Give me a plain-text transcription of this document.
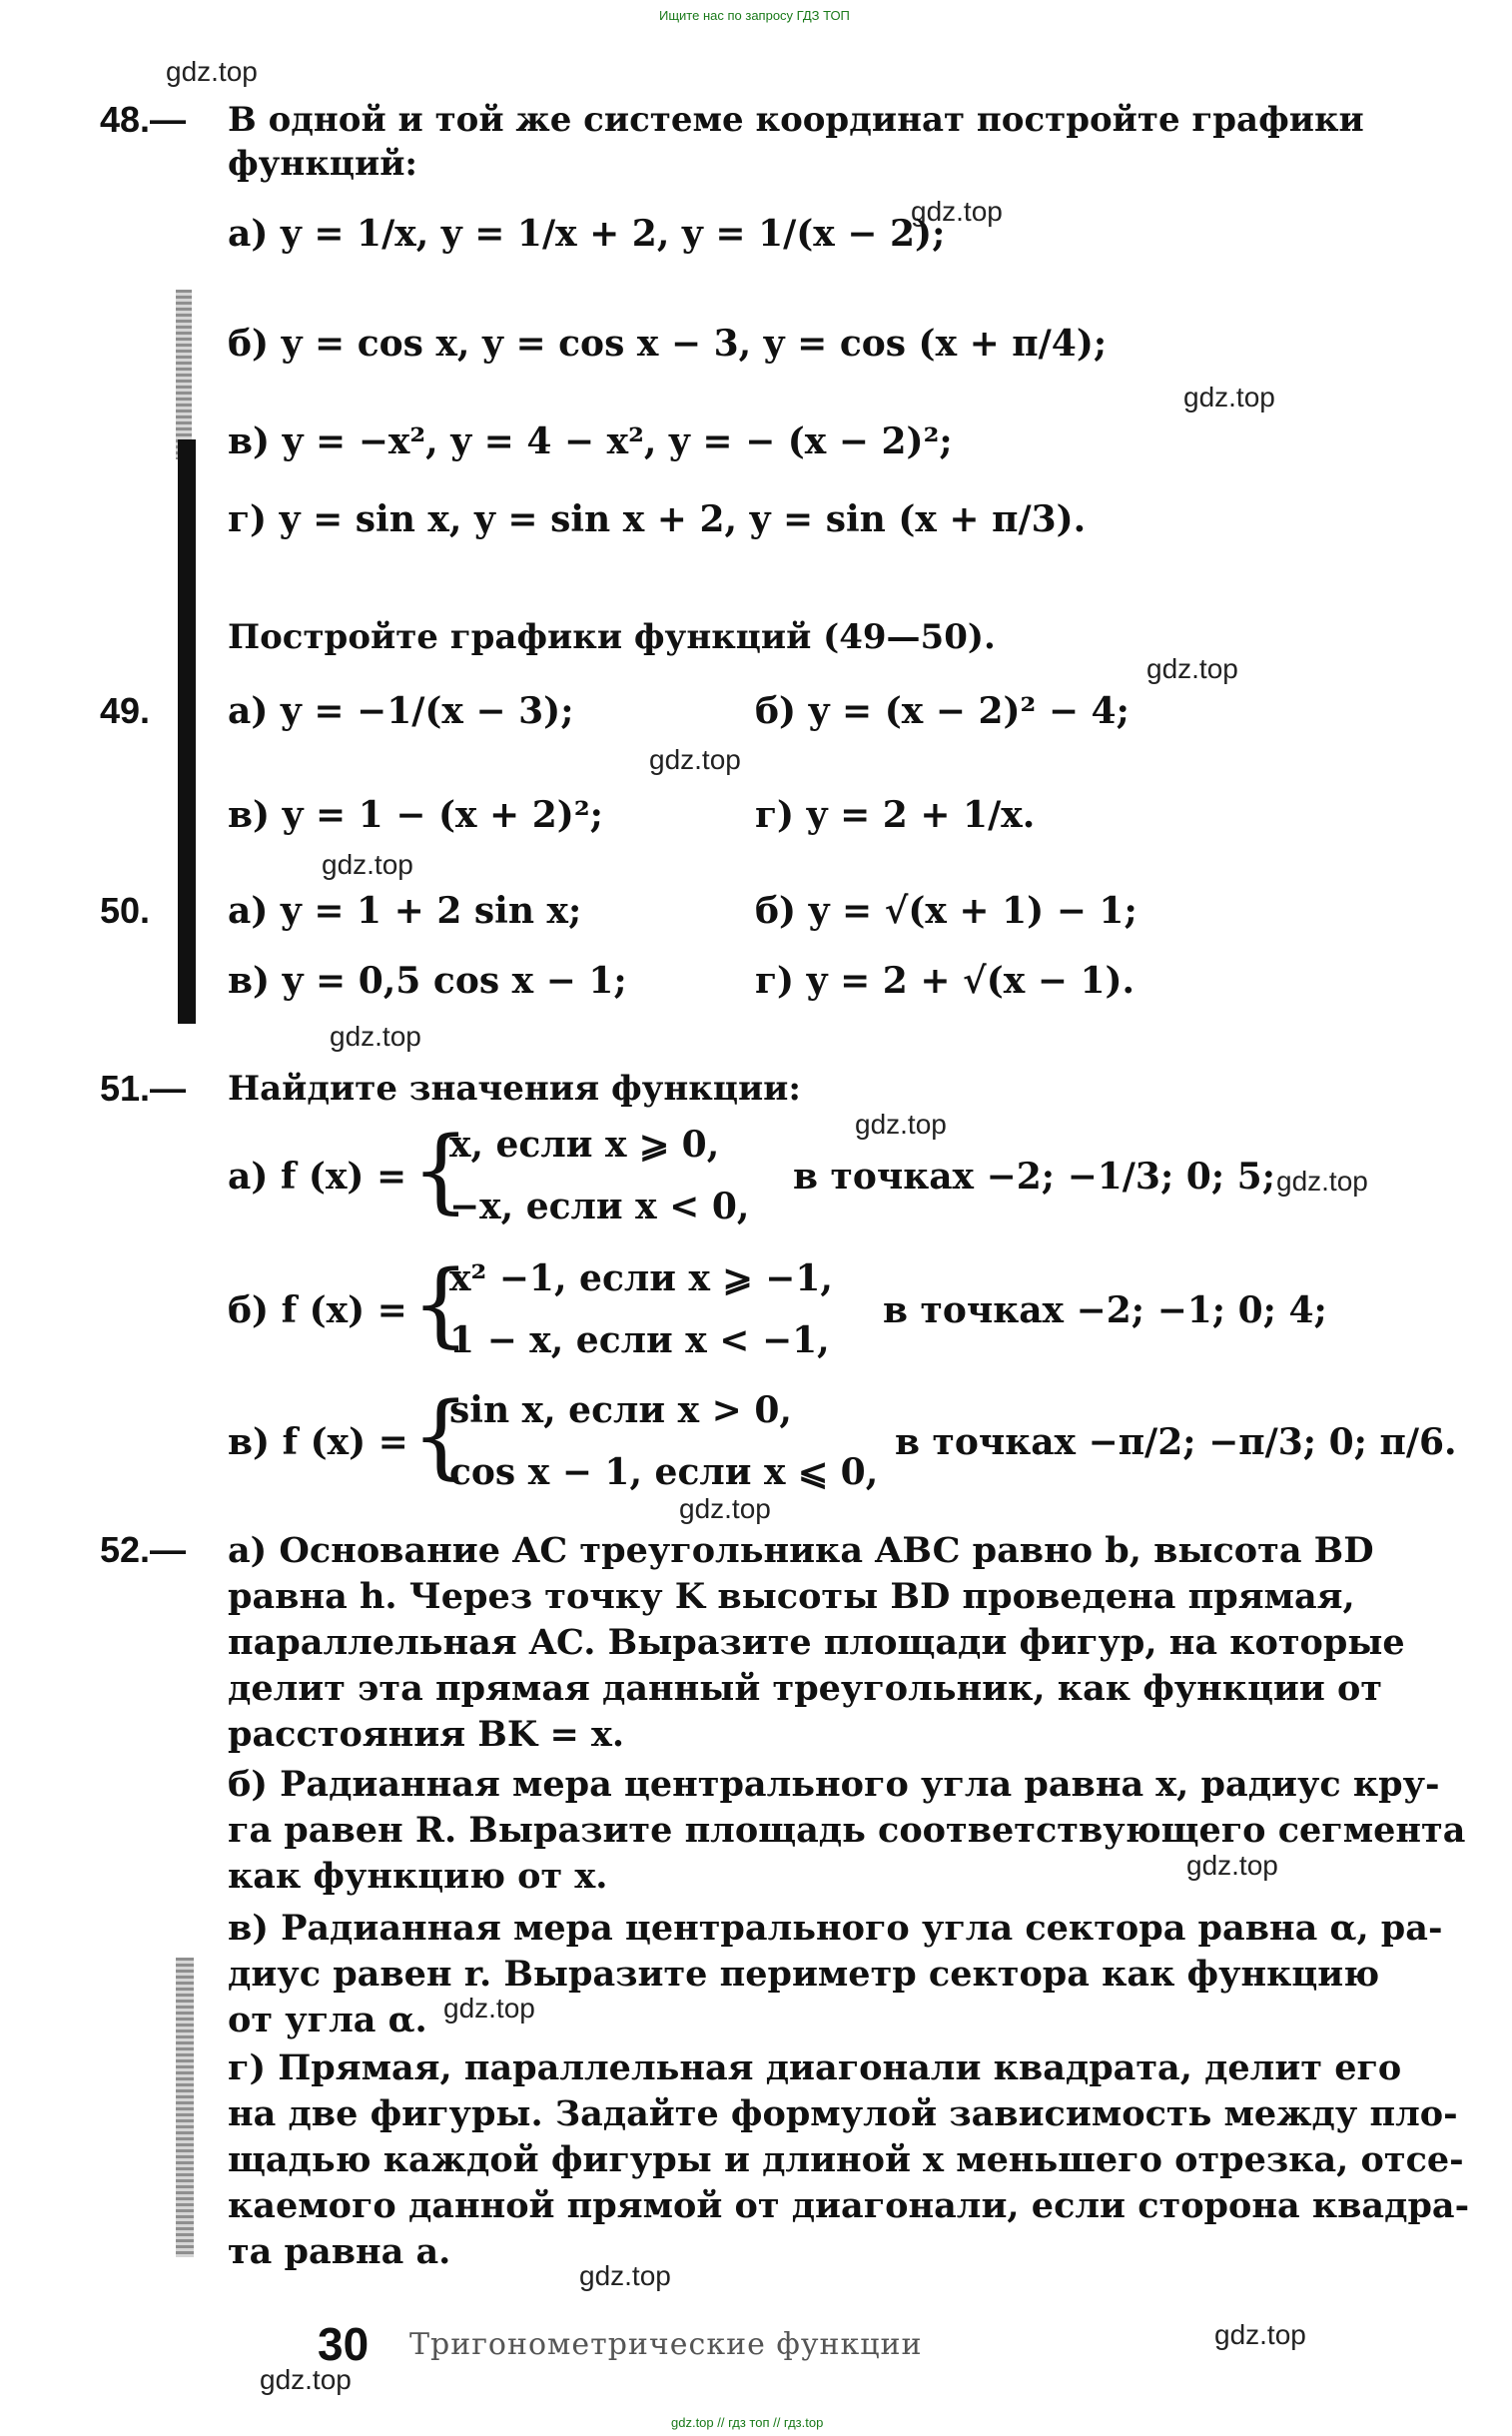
Ищите нас по запросу ГДЗ ТОП
gdz.top
gdz.top
gdz.top
gdz.top
gdz.top
gdz.top
gdz.top
gdz.top
gdz.top
gdz.top
gdz.top
gdz.top
gdz.top
gdz.top
gdz.top
48.— В одной и той же системе координат постройте графики
функций:
а) y = 1/x, y = 1/x + 2, y = 1/(x − 2);
б) y = cos x, y = cos x − 3, y = cos (x + π/4);
в) y = −x², y = 4 − x², y = − (x − 2)²;
г) y = sin x, y = sin x + 2, y = sin (x + π/3).
Постройте графики функций (49—50).
49. а) y = −1/(x − 3);	б) y = (x − 2)² − 4;
в) y = 1 − (x + 2)²;	г) y = 2 + 1/x.
50. а) y = 1 + 2 sin x;	б) y = √(x + 1) − 1;
в) y = 0,5 cos x − 1;	г) y = 2 + √(x − 1).
51.— Найдите значения функции:
а) f (x) = {
x, если x ⩾ 0,
−x, если x < 0,
в точках −2; −1/3; 0; 5;
б) f (x) = {
x² −1, если x ⩾ −1,
1 − x, если x < −1,
в точках −2; −1; 0; 4;
в) f (x) = {
sin x, если x > 0,
cos x − 1, если x ⩽ 0,
в точках −π/2; −π/3; 0; π/6.
52.— а) Основание AC треугольника ABC равно b, высота BD
равна h. Через точку K высоты BD проведена прямая,
параллельная AC. Выразите площади фигур, на которые
делит эта прямая данный треугольник, как функции от
расстояния BK = x.
б) Радианная мера центрального угла равна x, радиус кру-
га равен R. Выразите площадь соответствующего сегмента
как функцию от x.
в) Радианная мера центрального угла сектора равна α, ра-
диус равен r. Выразите периметр сектора как функцию
от угла α.
г) Прямая, параллельная диагонали квадрата, делит его
на две фигуры. Задайте формулой зависимость между пло-
щадью каждой фигуры и длиной x меньшего отрезка, отсе-
каемого данной прямой от диагонали, если сторона квадра-
та равна a.
30 Тригонометрические функции
gdz.top // гдз топ // гдз.top
